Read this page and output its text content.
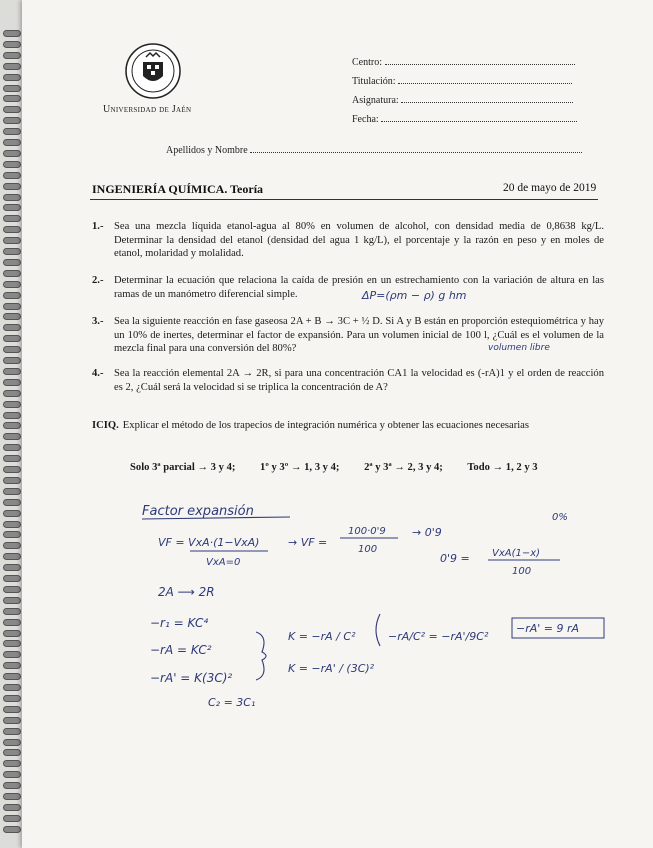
Universidad de Jaén
Centro:
Titulación:
Asignatura:
Fecha:
Apellidos y Nombre
INGENIERÍA QUÍMICA. Teoría	20 de mayo de 2019
1.- Sea una mezcla líquida etanol-agua al 80% en volumen de alcohol, con densidad media de 0,8638 kg/L. Determinar la densidad del etanol (densidad del agua 1 kg/L), el porcentaje y la razón en peso y en moles de etanol, molaridad y molalidad.
2.- Determinar la ecuación que relaciona la caída de presión en un estrechamiento con la variación de altura en las ramas de un manómetro diferencial simple.
3.- Sea la siguiente reacción en fase gaseosa 2A + B → 3C + ½ D. Si A y B están en proporción estequiométrica y hay un 10% de inertes, determinar el factor de expansión. Para un volumen inicial de 100 l, ¿Cuál es el volumen de la mezcla final para una conversión del 80%?
4.- Sea la reacción elemental 2A → 2R, si para una concentración CA1 la velocidad es (-rA)1 y el orden de reacción es 2, ¿Cuál será la velocidad si se triplica la concentración de A?
ICIQ. Explicar el método de los trapecios de integración numérica y obtener las ecuaciones necesarias
Solo 3ª parcial → 3 y 4; 1º y 3º → 1, 3 y 4; 2ª y 3ª → 2, 3 y 4; Todo → 1, 2 y 3
ΔP=(ρm − ρ) g hm
volumen libre
Factor expansión
VF = VxA·(1−VxA)
VxA=0
→ VF =
100·0'9
100
→ 0'9
0%
0'9 = VxA(1−x)
100
2A ⟶ 2R
−r₁ = KC⁴
−rA = KC²
−rA' = K(3C)²
K = −rA / C²
K = −rA' / (3C)²
−rA/C² = −rA'/9C²
−rA' = 9 rA
C₂ = 3C₁
